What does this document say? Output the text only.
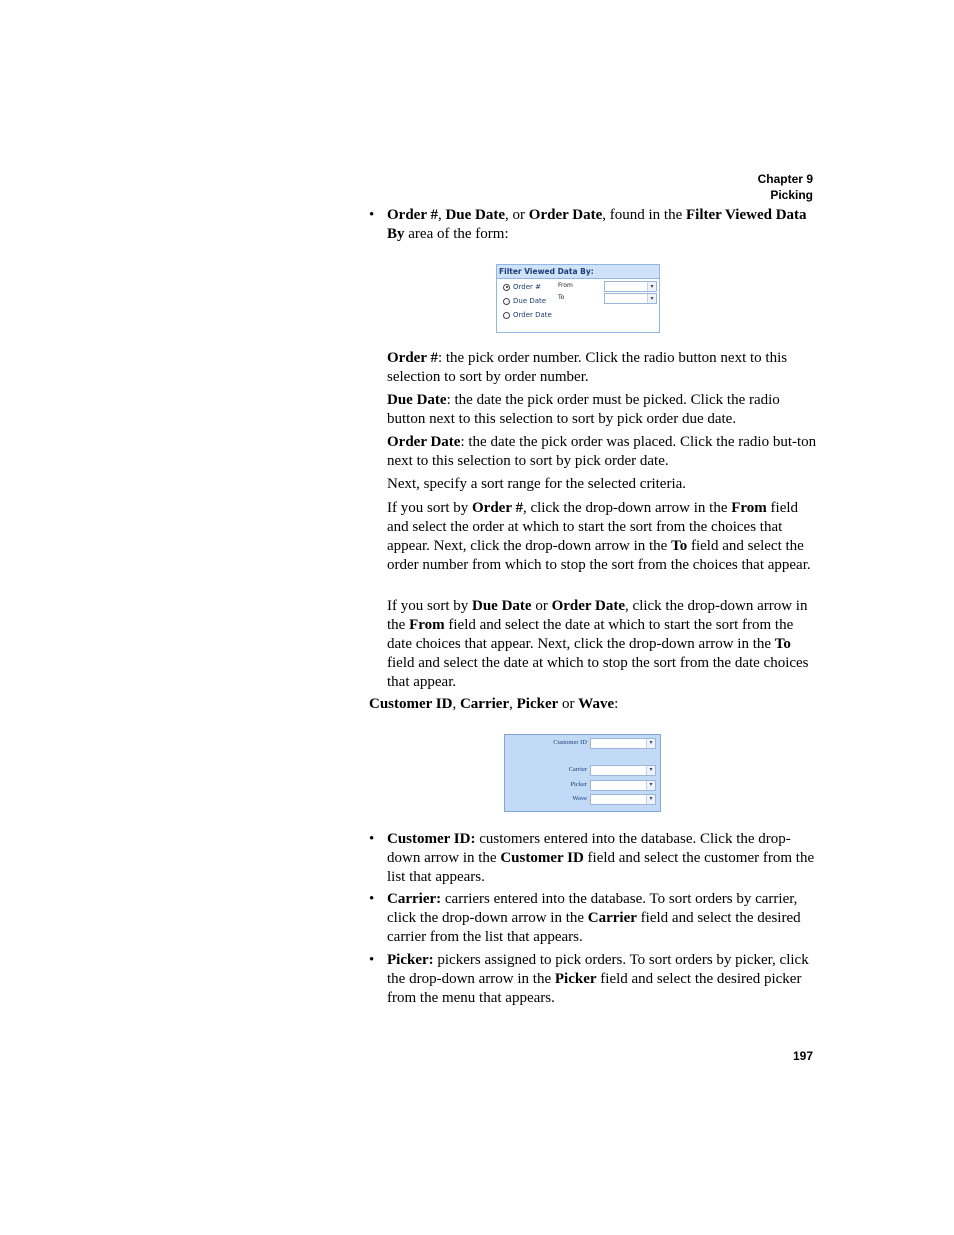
Chapter 9
Picking
• Order #, Due Date, or Order Date, found in the Filter Viewed Data By area of the form:
Filter Viewed Data By:
Order #
Due Date
Order Date
From
To
▾
▾
Order #: the pick order number. Click the radio button next to this selection to sort by order number.
Due Date: the date the pick order must be picked. Click the radio button next to this selection to sort by pick order due date.
Order Date: the date the pick order was placed. Click the radio but-ton next to this selection to sort by pick order date.
Next, specify a sort range for the selected criteria.
If you sort by Order #, click the drop-down arrow in the From field and select the order at which to start the sort from the choices that appear. Next, click the drop-down arrow in the To field and select the order number from which to stop the sort from the choices that appear.
If you sort by Due Date or Order Date, click the drop-down arrow in the From field and select the date at which to start the sort from the date choices that appear. Next, click the drop-down arrow in the To field and select the date at which to stop the sort from the date choices that appear.
Customer ID, Carrier, Picker or Wave:
Customer ID	▾
Carrier	▾
Picker	▾
Wave	▾
• Customer ID: customers entered into the database. Click the drop-down arrow in the Customer ID field and select the customer from the list that appears.
• Carrier: carriers entered into the database. To sort orders by carrier, click the drop-down arrow in the Carrier field and select the desired carrier from the list that appears.
• Picker: pickers assigned to pick orders. To sort orders by picker, click the drop-down arrow in the Picker field and select the desired picker from the menu that appears.
197
